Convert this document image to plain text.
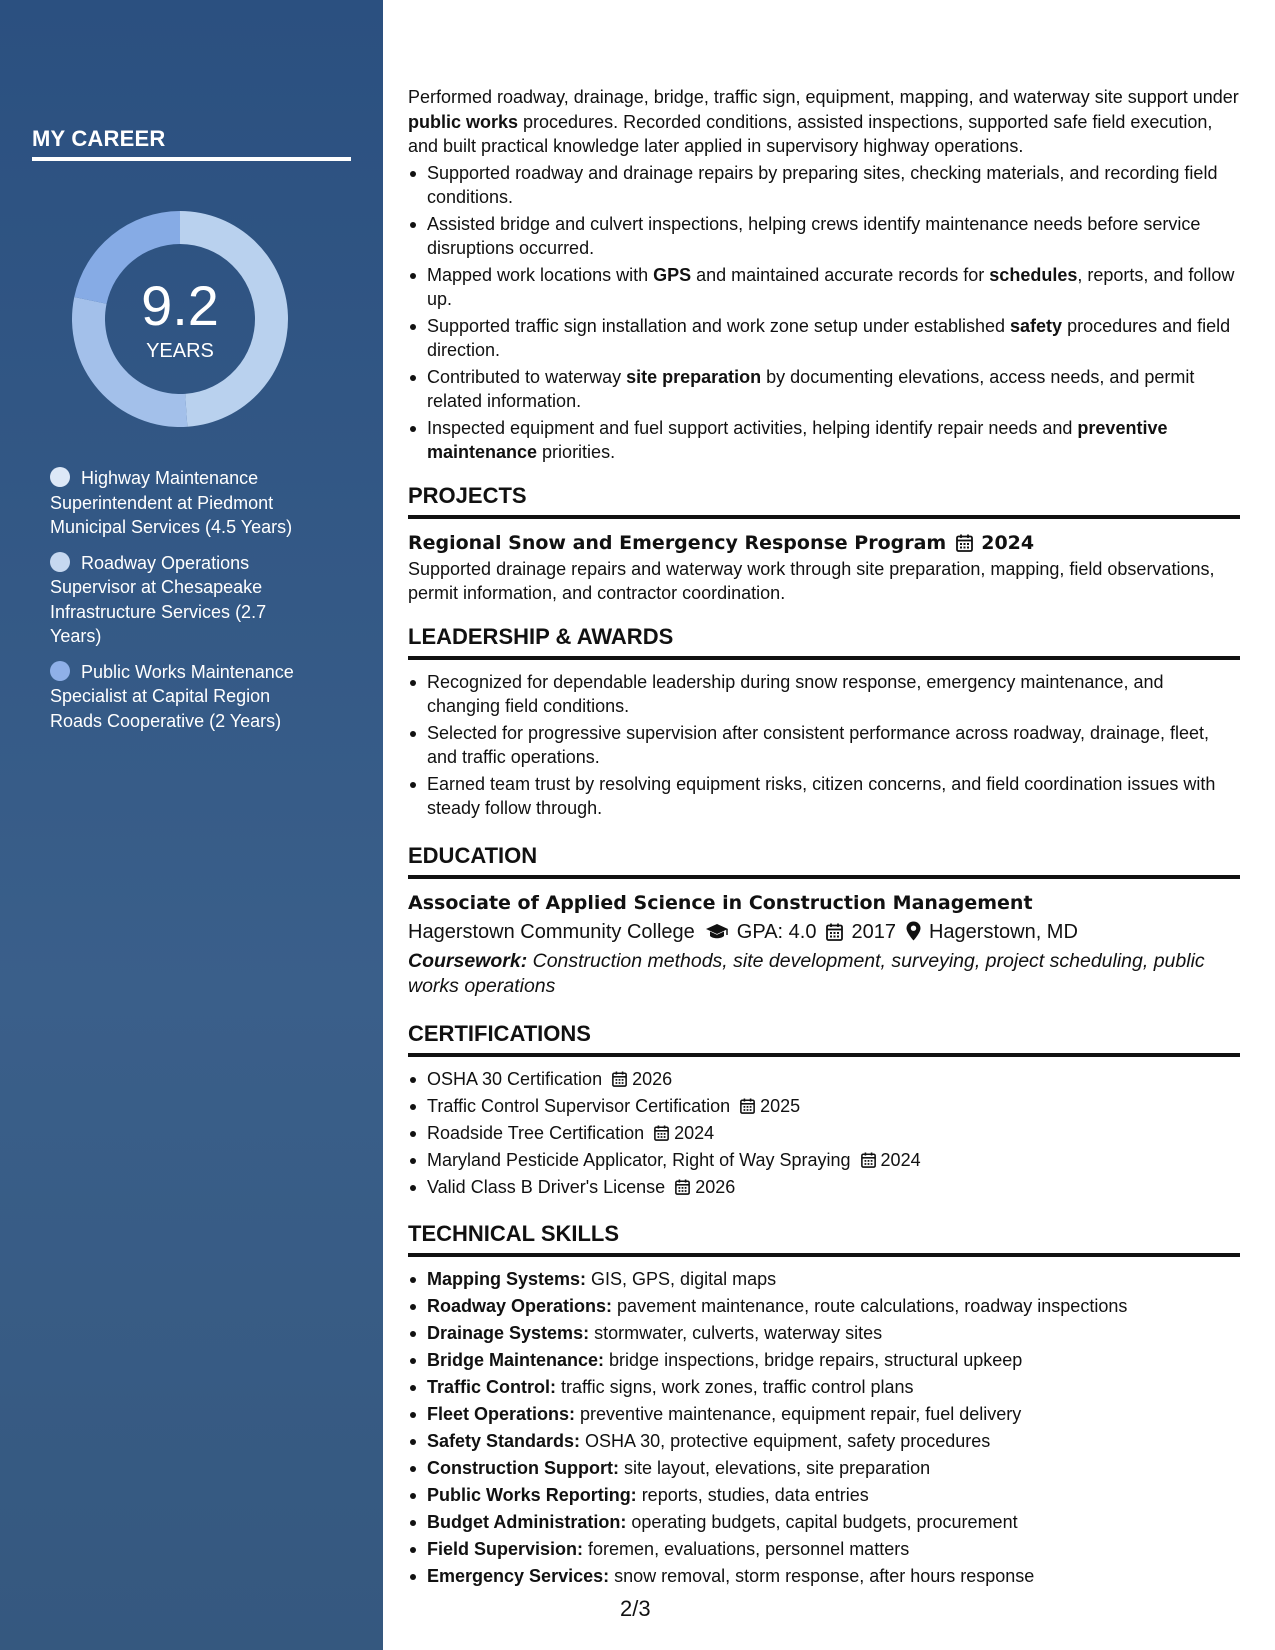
MY CAREER
9.2
YEARS
Highway Maintenance Superintendent at Piedmont Municipal Services (4.5 Years)
Roadway Operations Supervisor at Chesapeake Infrastructure Services (2.7 Years)
Public Works Maintenance Specialist at Capital Region Roads Cooperative (2 Years)

Performed roadway, drainage, bridge, traffic sign, equipment, mapping, and waterway site support under public works procedures. Recorded conditions, assisted inspections, supported safe field execution, and built practical knowledge later applied in supervisory highway operations.

Supported roadway and drainage repairs by preparing sites, checking materials, and recording field conditions.
Assisted bridge and culvert inspections, helping crews identify maintenance needs before service disruptions occurred.
Mapped work locations with GPS and maintained accurate records for schedules, reports, and follow up.
Supported traffic sign installation and work zone setup under established safety procedures and field direction.
Contributed to waterway site preparation by documenting elevations, access needs, and permit related information.
Inspected equipment and fuel support activities, helping identify repair needs and preventive maintenance priorities.
PROJECTS
Regional Snow and Emergency Response Program 2024

Supported drainage repairs and waterway work through site preparation, mapping, field observations, permit information, and contractor coordination.

LEADERSHIP & AWARDS
Recognized for dependable leadership during snow response, emergency maintenance, and changing field conditions.
Selected for progressive supervision after consistent performance across roadway, drainage, fleet, and traffic operations.
Earned team trust by resolving equipment risks, citizen concerns, and field coordination issues with steady follow through.
EDUCATION
Associate of Applied Science in Construction Management
Hagerstown Community College GPA: 4.0 2017 Hagerstown, MD

Coursework: Construction methods, site development, surveying, project scheduling, public works operations

CERTIFICATIONS
OSHA 30 Certification 2026
Traffic Control Supervisor Certification 2025
Roadside Tree Certification 2024
Maryland Pesticide Applicator, Right of Way Spraying 2024
Valid Class B Driver's License 2026
TECHNICAL SKILLS
Mapping Systems: GIS, GPS, digital maps
Roadway Operations: pavement maintenance, route calculations, roadway inspections
Drainage Systems: stormwater, culverts, waterway sites
Bridge Maintenance: bridge inspections, bridge repairs, structural upkeep
Traffic Control: traffic signs, work zones, traffic control plans
Fleet Operations: preventive maintenance, equipment repair, fuel delivery
Safety Standards: OSHA 30, protective equipment, safety procedures
Construction Support: site layout, elevations, site preparation
Public Works Reporting: reports, studies, data entries
Budget Administration: operating budgets, capital budgets, procurement
Field Supervision: foremen, evaluations, personnel matters
Emergency Services: snow removal, storm response, after hours response
2/3
